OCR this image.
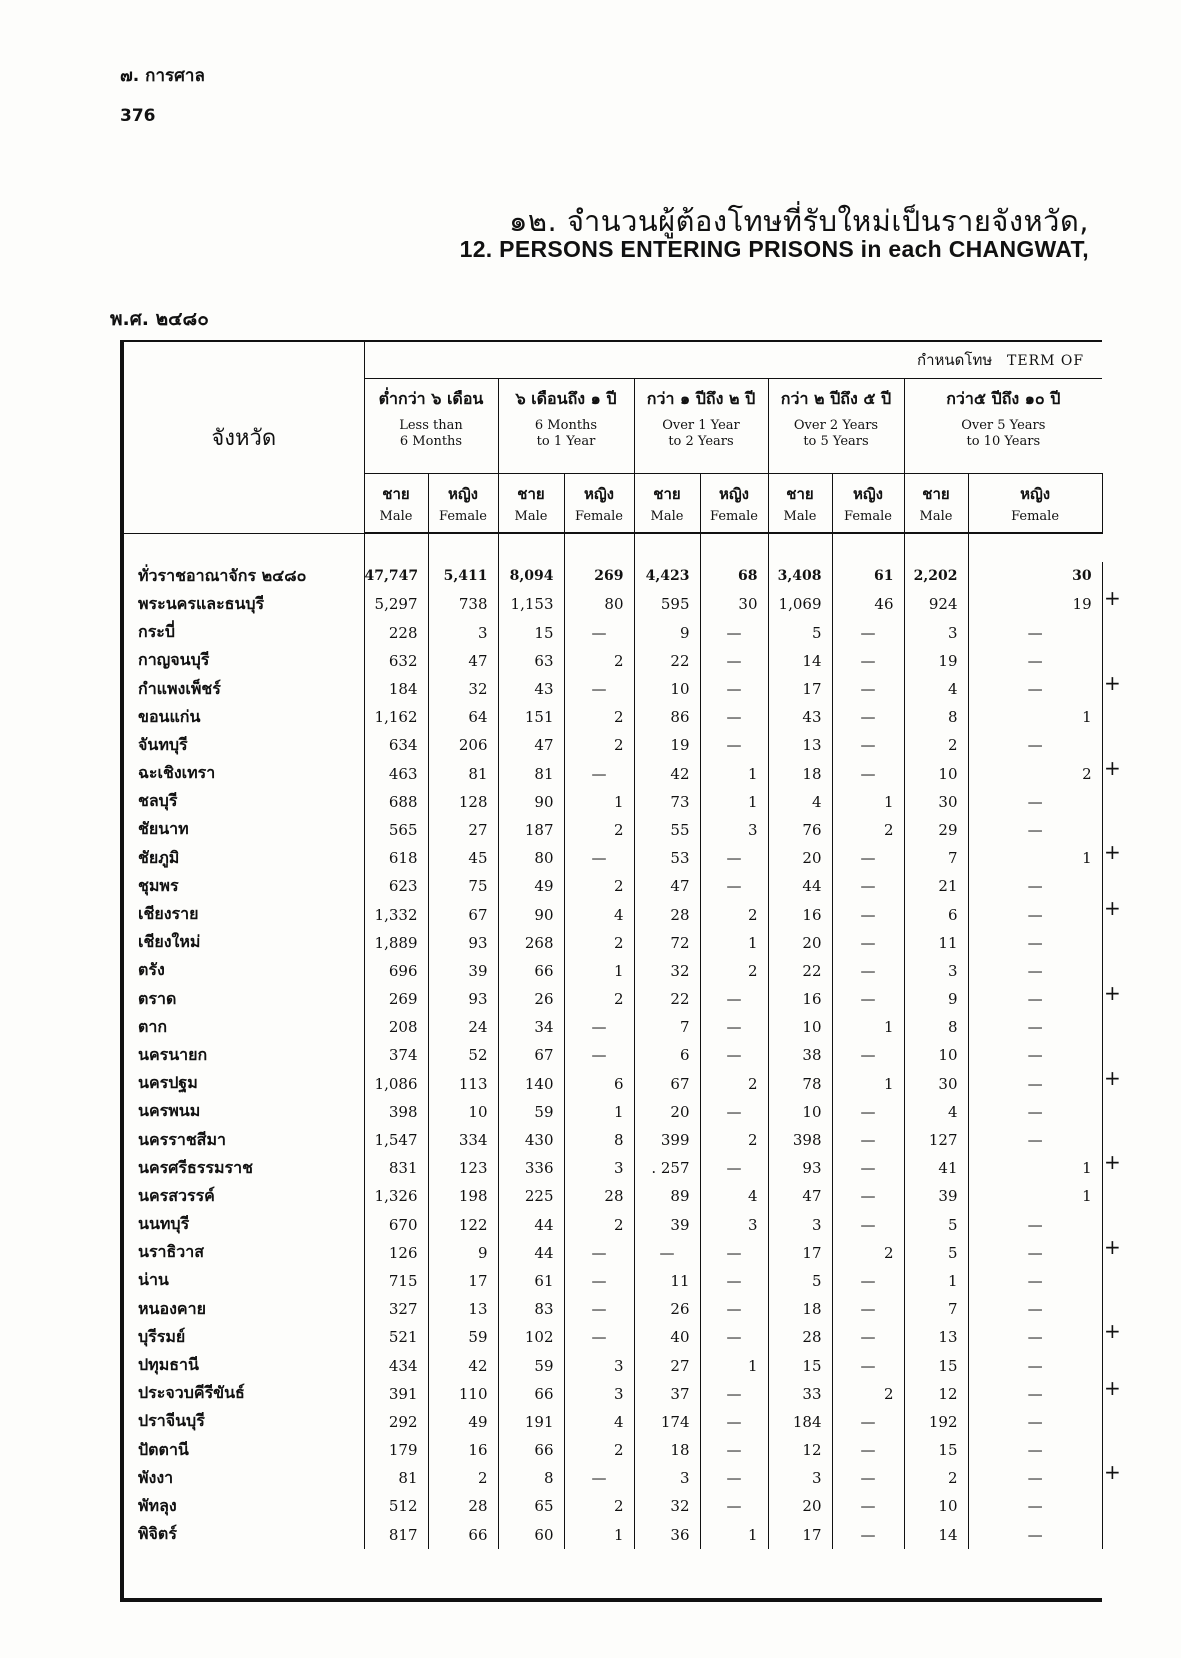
๗. การศาล
376
๑๒. จำนวนผู้ต้องโทษที่รับใหม่เป็นรายจังหวัด,
12. PERSONS ENTERING PRISONS in each CHANGWAT,
พ.ศ. ๒๔๘๐
จังหวัด	กำหนดโทษ TERM OF										

	ต่ำกว่า ๖ เดือน
Less than
6 Months		๖ เดือนถึง ๑ ปี
6 Months
to 1 Year		กว่า ๑ ปีถึง ๒ ปี
Over 1 Year
to 2 Years		กว่า ๒ ปีถึง ๕ ปี
Over 2 Years
to 5 Years		กว่า๕ ปีถึง ๑๐ ปี
Over 5 Years
to 10 Years		

	ชาย
Male	หญิง
Female	ชาย
Male	หญิง
Female	ชาย
Male	หญิง
Female	ชาย
Male	หญิง
Female	ชาย
Male	หญิง
Female	

ทั่วราชอาณาจักร ๒๔๘๐	47,747	5,411	8,094	269	4,423	68	3,408	61	2,202	30	
พระนครและธนบุรี	5,297	738	1,153	80	595	30	1,069	46	924	19	
กระบี่	228	3	15	—	9	—	5	—	3	—	
กาญจนบุรี	632	47	63	2	22	—	14	—	19	—	
กำแพงเพ็ชร์	184	32	43	—	10	—	17	—	4	—	
ขอนแก่น	1,162	64	151	2	86	—	43	—	8	1	
จันทบุรี	634	206	47	2	19	—	13	—	2	—	
ฉะเชิงเทรา	463	81	81	—	42	1	18	—	10	2	
ชลบุรี	688	128	90	1	73	1	4	1	30	—	
ชัยนาท	565	27	187	2	55	3	76	2	29	—	
ชัยภูมิ	618	45	80	—	53	—	20	—	7	1	
ชุมพร	623	75	49	2	47	—	44	—	21	—	
เชียงราย	1,332	67	90	4	28	2	16	—	6	—	
เชียงใหม่	1,889	93	268	2	72	1	20	—	11	—	
ตรัง	696	39	66	1	32	2	22	—	3	—	
ตราด	269	93	26	2	22	—	16	—	9	—	
ตาก	208	24	34	—	7	—	10	1	8	—	
นครนายก	374	52	67	—	6	—	38	—	10	—	
นครปฐม	1,086	113	140	6	67	2	78	1	30	—	
นครพนม	398	10	59	1	20	—	10	—	4	—	
นครราชสีมา	1,547	334	430	8	399	2	398	—	127	—	
นครศรีธรรมราช	831	123	336	3	. 257	—	93	—	41	1	
นครสวรรค์	1,326	198	225	28	89	4	47	—	39	1	
นนทบุรี	670	122	44	2	39	3	3	—	5	—	
นราธิวาส	126	9	44	—	—	—	17	2	5	—	
น่าน	715	17	61	—	11	—	5	—	1	—	
หนองคาย	327	13	83	—	26	—	18	—	7	—	
บุรีรมย์	521	59	102	—	40	—	28	—	13	—	
ปทุมธานี	434	42	59	3	27	1	15	—	15	—	
ประจวบคีรีขันธ์	391	110	66	3	37	—	33	2	12	—	
ปราจีนบุรี	292	49	191	4	174	—	184	—	192	—	
ปัตตานี	179	16	66	2	18	—	12	—	15	—	
พังงา	81	2	8	—	3	—	3	—	2	—	
พัทลุง	512	28	65	2	32	—	20	—	10	—	
พิจิตร์	817	66	60	1	36	1	17	—	14	—	
+
+
+
+
+
+
+
+
+
+
+
+
